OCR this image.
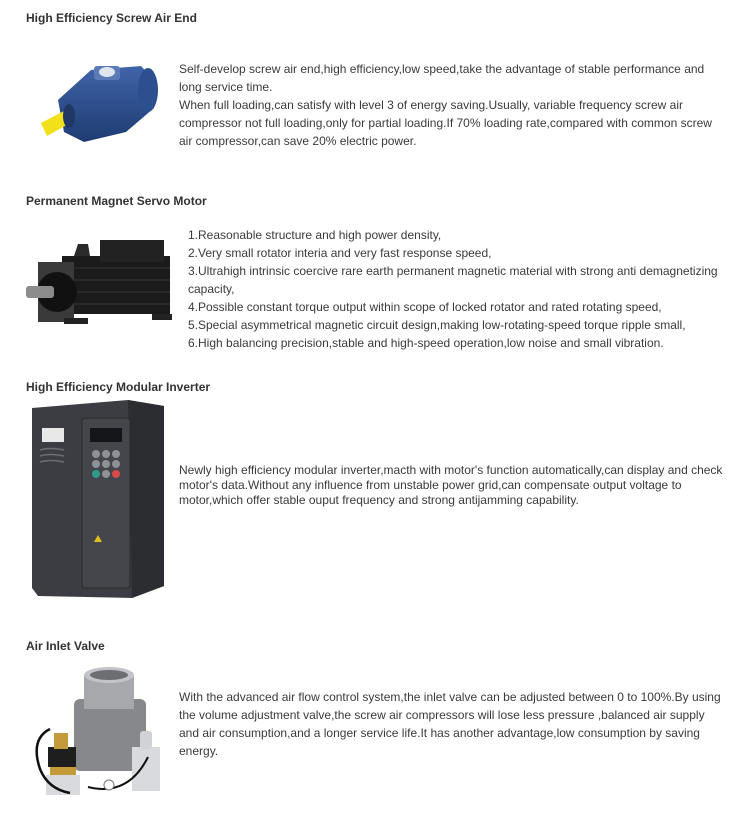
High Efficiency Screw Air End

Self-develop screw air end,high efficiency,low speed,take the advantage of stable performance and long service time.

When full loading,can satisfy with level 3 of energy saving.Usually, variable frequency screw air compressor not full loading,only for partial loading.If 70% loading rate,compared with common screw air compressor,can save 20% electric power.

Permanent Magnet Servo Motor

1.Reasonable structure and high power density,

2.Very small rotator interia and very fast response speed,

3.Ultrahigh intrinsic coercive rare earth permanent magnetic material with strong anti demagnetizing capacity,

4.Possible constant torque output within scope of locked rotator and rated rotating speed,

5.Special asymmetrical magnetic circuit design,making low-rotating-speed torque ripple small,

6.High balancing precision,stable and high-speed operation,low noise and small vibration.

High Efficiency Modular Inverter

Newly high efficiency modular inverter,macth with motor's function automatically,can display and check motor's data.Without any influence from unstable power grid,can compensate output voltage to motor,which offer stable ouput frequency and strong antijamming capability.

Air Inlet Valve

With the advanced air flow control system,the inlet valve can be adjusted between 0 to 100%.By using the volume adjustment valve,the screw air compressors will lose less pressure ,balanced air supply and air consumption,and a longer service life.It has another advantage,low consumption by saving energy.
